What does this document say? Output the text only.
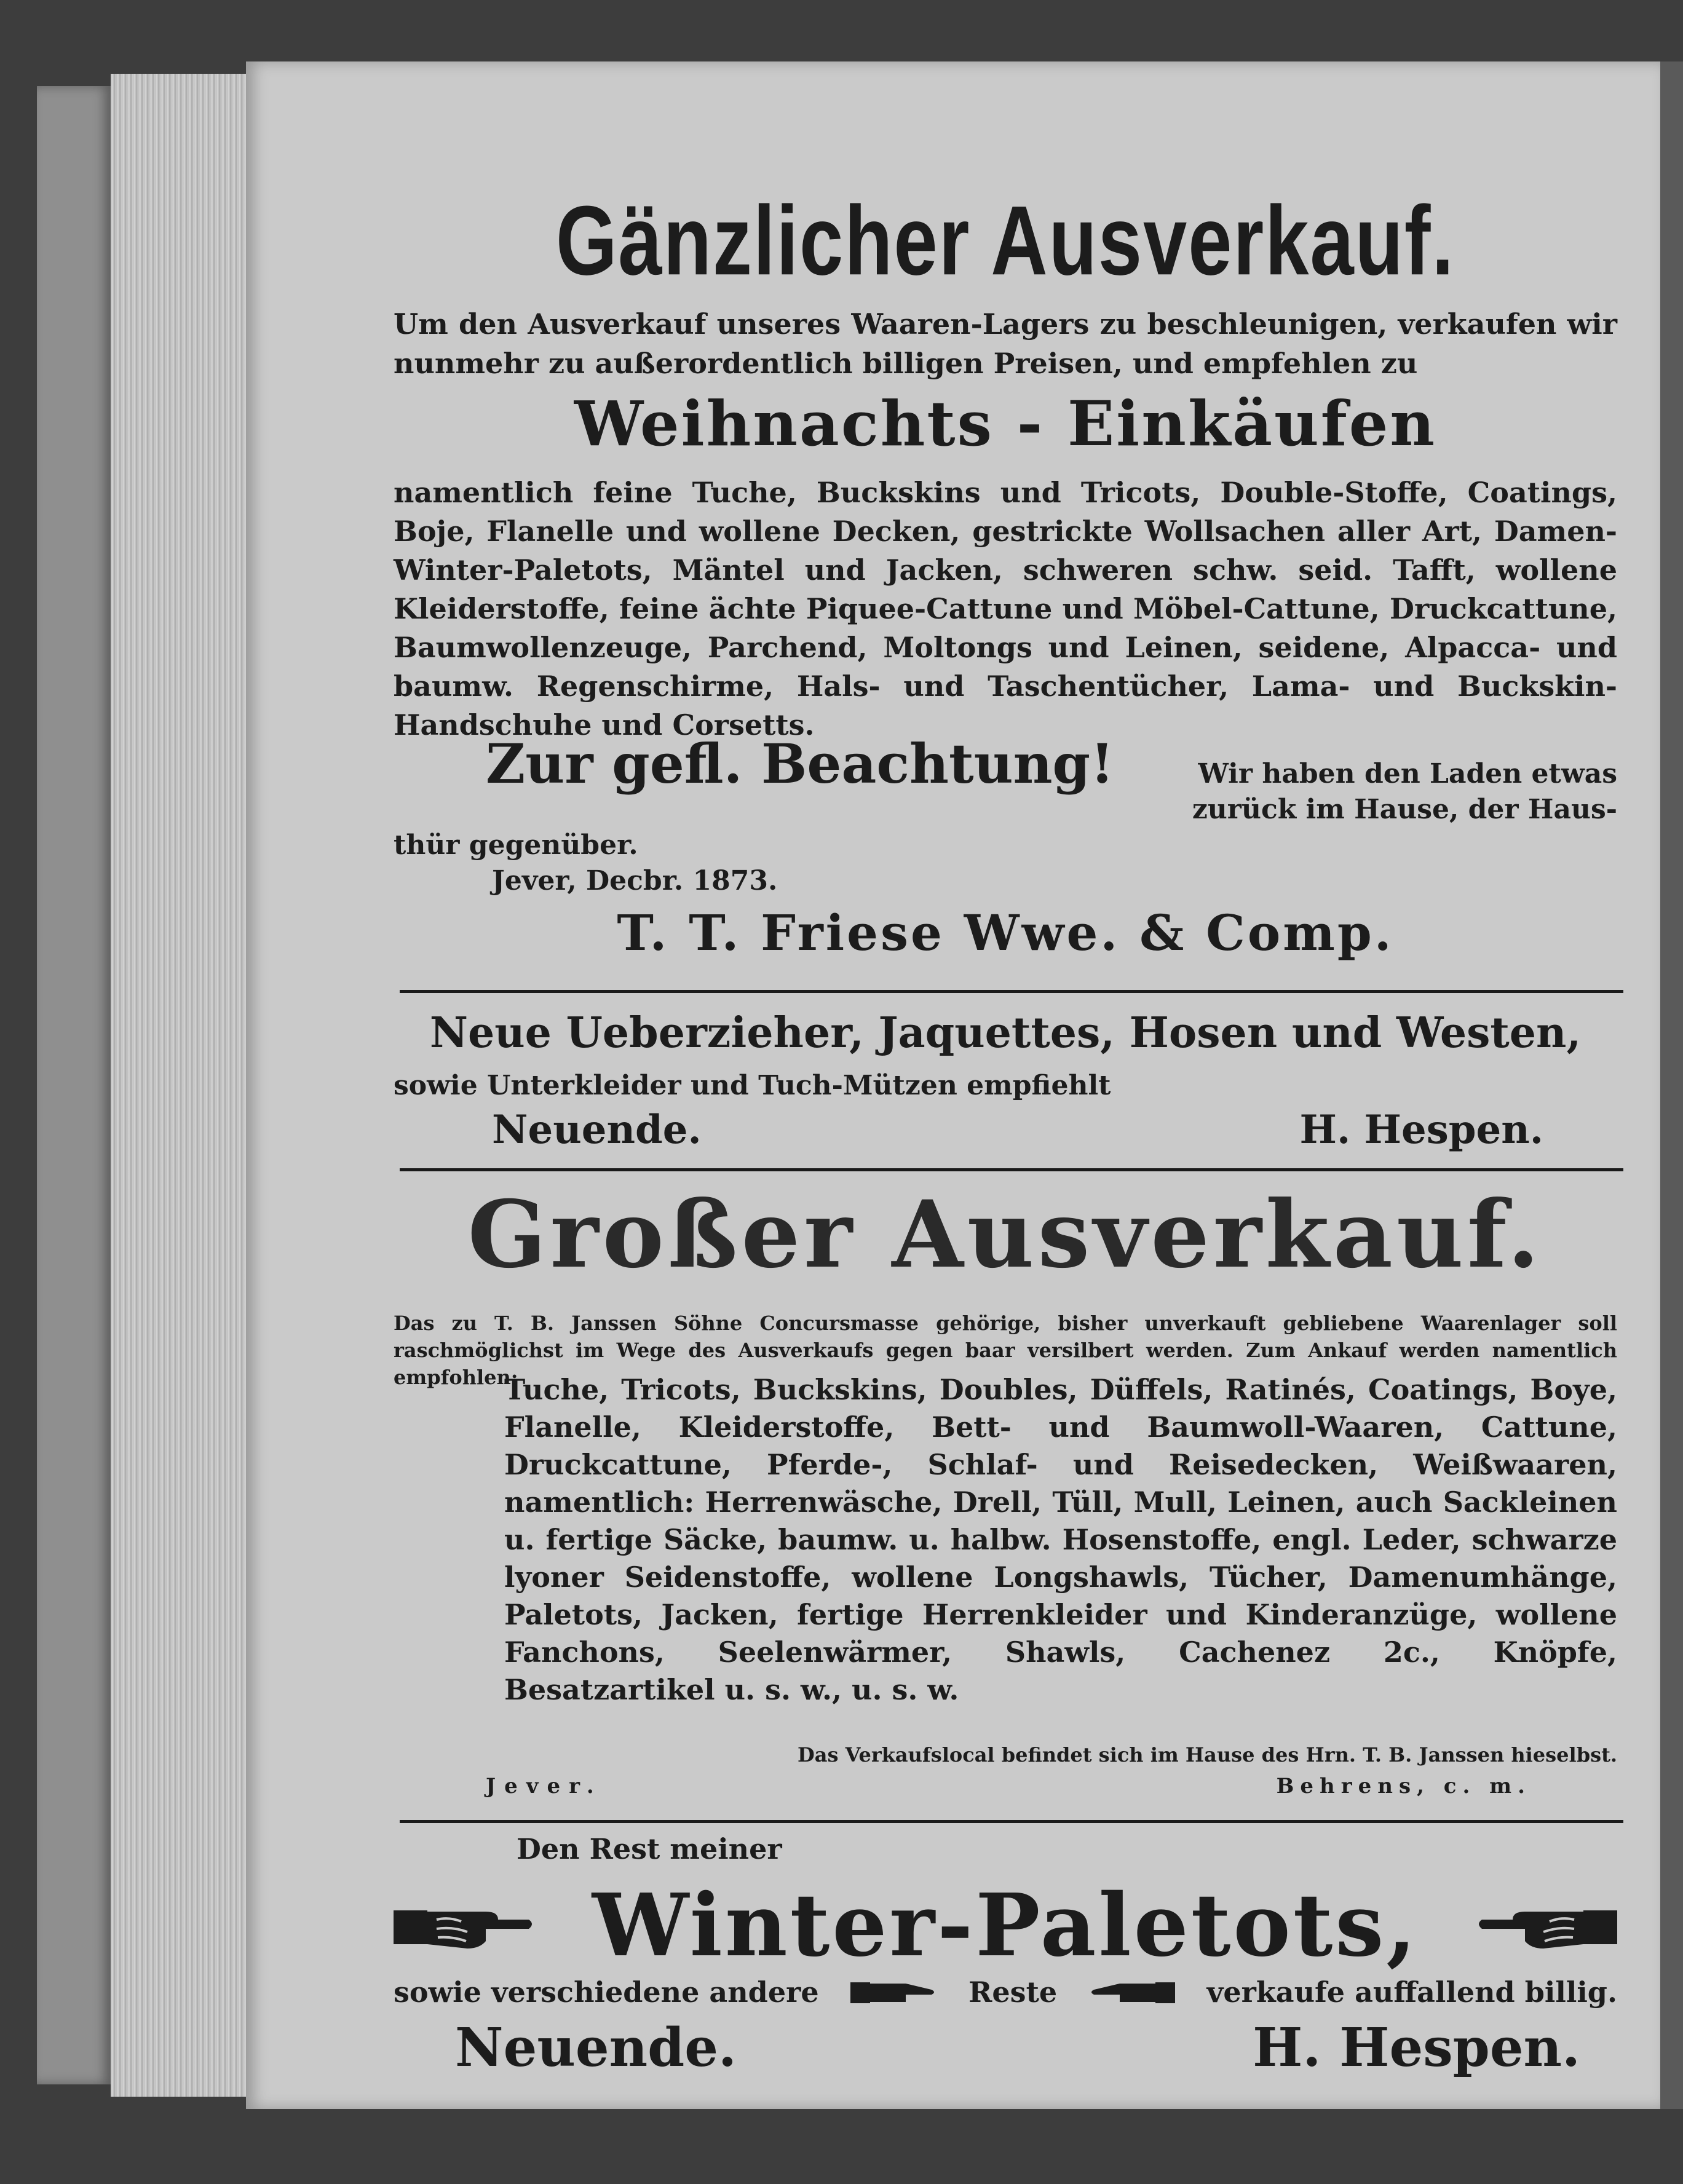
Gänzlicher Ausverkauf.
Um den Ausverkauf unseres Waaren-Lagers zu beschleunigen, verkaufen wir nunmehr zu außerordentlich billigen Preisen, und empfehlen zu
Weihnachts - Einkäufen
namentlich feine Tuche, Buckskins und Tricots, Double-Stoffe, Coatings, Boje, Flanelle und wollene Decken, gestrickte Wollsachen aller Art, Damen-Winter-Paletots, Mäntel und Jacken, schweren schw. seid. Tafft, wollene Kleiderstoffe, feine ächte Piquee-Cattune und Möbel-Cattune, Druckcattune, Baumwollenzeuge, Parchend, Moltongs und Leinen, seidene, Alpacca- und baumw. Regenschirme, Hals- und Taschentücher, Lama- und Buckskin-Handschuhe und Corsetts.
Zur gefl. Beachtung!	Wir haben den Laden etwas
zurück im Hause, der Haus-
thür gegenüber.
Jever, Decbr. 1873.
T. T. Friese Wwe. & Comp.
Neue Ueberzieher, Jaquettes, Hosen und Westen,
sowie Unterkleider und Tuch-Mützen empfiehlt
Neuende.	H. Hespen.
Großer Ausverkauf.
Das zu T. B. Janssen Söhne Concursmasse gehörige, bisher unverkauft gebliebene Waarenlager soll raschmöglichst im Wege des Ausverkaufs gegen baar versilbert werden. Zum Ankauf werden namentlich empfohlen:
Tuche, Tricots, Buckskins, Doubles, Düffels, Ratinés, Coatings, Boye, Flanelle, Kleiderstoffe, Bett- und Baumwoll-Waaren, Cattune, Druckcattune, Pferde-, Schlaf- und Reisedecken, Weißwaaren, namentlich: Herrenwäsche, Drell, Tüll, Mull, Leinen, auch Sackleinen u. fertige Säcke, baumw. u. halbw. Hosenstoffe, engl. Leder, schwarze lyoner Seidenstoffe, wollene Longshawls, Tücher, Damenumhänge, Paletots, Jacken, fertige Herrenkleider und Kinderanzüge, wollene Fanchons, Seelenwärmer, Shawls, Cachenez 2c., Knöpfe, Besatzartikel u. s. w., u. s. w.
Das Verkaufslocal befindet sich im Hause des Hrn. T. B. Janssen hieselbst.
Jever.	Behrens, c. m.
Den Rest meiner
Winter-Paletots,
sowie verschiedene andere	Reste	verkaufe auffallend billig.
Neuende.	H. Hespen.
